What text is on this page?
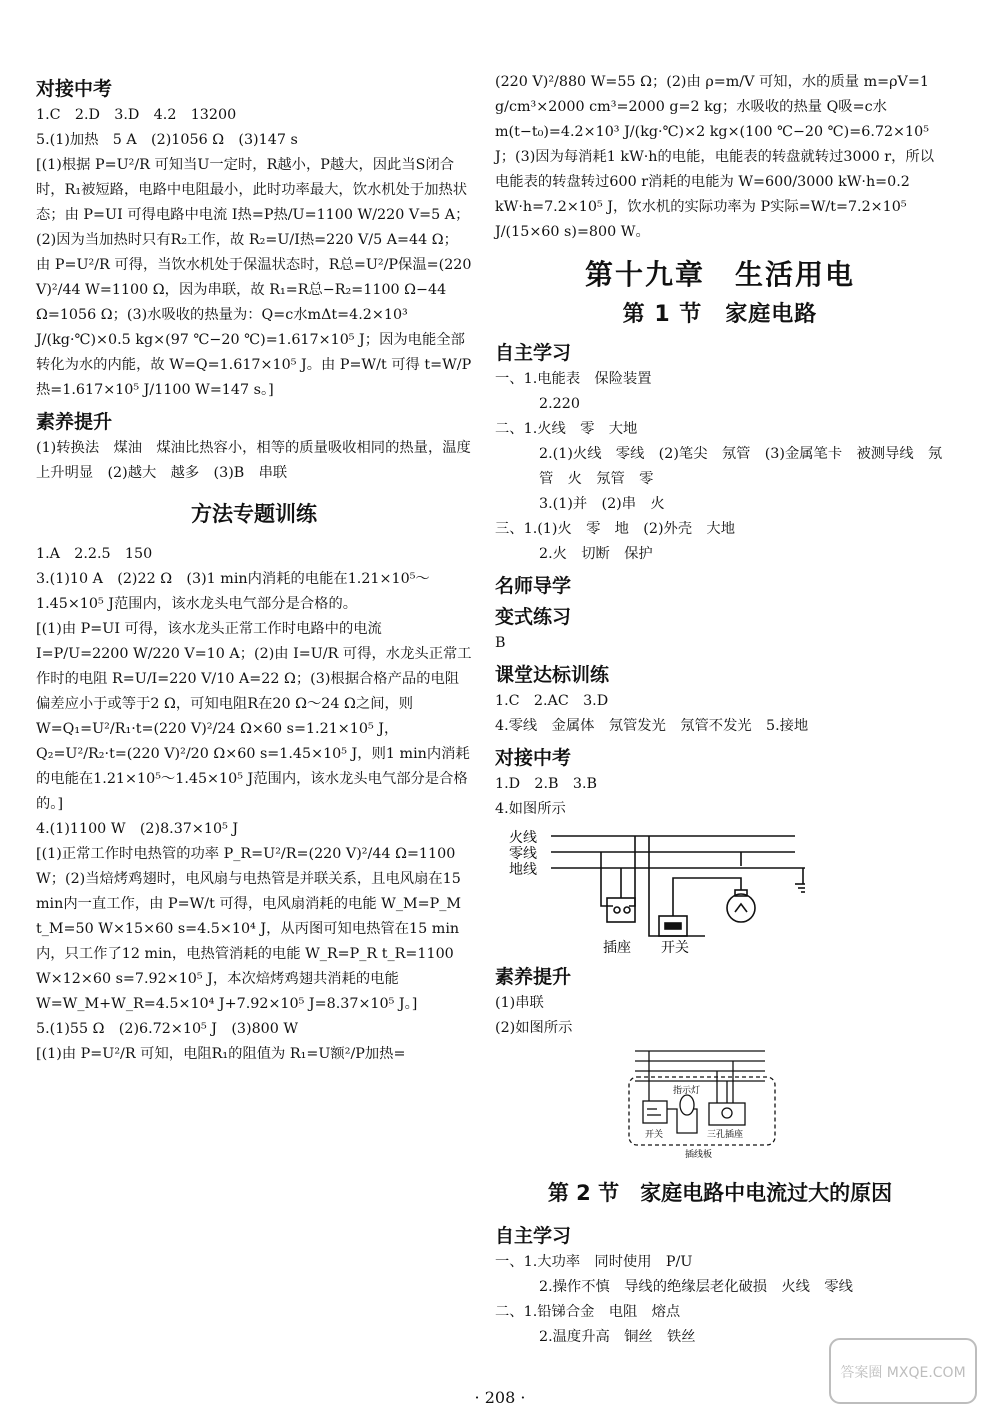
对接中考
1.C　2.D　3.D　4.2　13200
5.(1)加热　5 A　(2)1056 Ω　(3)147 s
[(1)根据 P=U²/R 可知当U一定时，R越小，P越大，因此当S闭合时，R₁被短路，电路中电阻最小，此时功率最大，饮水机处于加热状态；由 P=UI 可得电路中电流 I热=P热/U=1100 W/220 V=5 A；(2)因为当加热时只有R₂工作，故 R₂=U/I热=220 V/5 A=44 Ω；由 P=U²/R 可得，当饮水机处于保温状态时，R总=U²/P保温=(220 V)²/44 W=1100 Ω，因为串联，故 R₁=R总−R₂=1100 Ω−44 Ω=1056 Ω；(3)水吸收的热量为：Q=c水mΔt=4.2×10³ J/(kg·℃)×0.5 kg×(97 ℃−20 ℃)=1.617×10⁵ J；因为电能全部转化为水的内能，故 W=Q=1.617×10⁵ J。由 P=W/t 可得 t=W/P热=1.617×10⁵ J/1100 W=147 s。]
素养提升
(1)转换法　煤油　煤油比热容小，相等的质量吸收相同的热量，温度上升明显　(2)越大　越多　(3)B　串联
方法专题训练
1.A　2.2.5　150
3.(1)10 A　(2)22 Ω　(3)1 min内消耗的电能在1.21×10⁵～1.45×10⁵ J范围内，该水龙头电气部分是合格的。
[(1)由 P=UI 可得，该水龙头正常工作时电路中的电流 I=P/U=2200 W/220 V=10 A；(2)由 I=U/R 可得，水龙头正常工作时的电阻 R=U/I=220 V/10 A=22 Ω；(3)根据合格产品的电阻偏差应小于或等于2 Ω，可知电阻R在20 Ω～24 Ω之间，则 W=Q₁=U²/R₁·t=(220 V)²/24 Ω×60 s=1.21×10⁵ J，Q₂=U²/R₂·t=(220 V)²/20 Ω×60 s=1.45×10⁵ J，则1 min内消耗的电能在1.21×10⁵～1.45×10⁵ J范围内，该水龙头电气部分是合格的。]
4.(1)1100 W　(2)8.37×10⁵ J
[(1)正常工作时电热管的功率 P_R=U²/R=(220 V)²/44 Ω=1100 W；(2)当焙烤鸡翅时，电风扇与电热管是并联关系，且电风扇在15 min内一直工作，由 P=W/t 可得，电风扇消耗的电能 W_M=P_M t_M=50 W×15×60 s=4.5×10⁴ J，从丙图可知电热管在15 min内，只工作了12 min，电热管消耗的电能 W_R=P_R t_R=1100 W×12×60 s=7.92×10⁵ J，本次焙烤鸡翅共消耗的电能 W=W_M+W_R=4.5×10⁴ J+7.92×10⁵ J=8.37×10⁵ J。]
5.(1)55 Ω　(2)6.72×10⁵ J　(3)800 W
[(1)由 P=U²/R 可知，电阻R₁的阻值为 R₁=U额²/P加热=
(220 V)²/880 W=55 Ω；(2)由 ρ=m/V 可知，水的质量 m=ρV=1 g/cm³×2000 cm³=2000 g=2 kg；水吸收的热量 Q吸=c水m(t−t₀)=4.2×10³ J/(kg·℃)×2 kg×(100 ℃−20 ℃)=6.72×10⁵ J；(3)因为每消耗1 kW·h的电能，电能表的转盘就转过3000 r，所以电能表的转盘转过600 r消耗的电能为 W=600/3000 kW·h=0.2 kW·h=7.2×10⁵ J，饮水机的实际功率为 P实际=W/t=7.2×10⁵ J/(15×60 s)=800 W。
第十九章　生活用电
第 1 节　家庭电路
自主学习
一、1.电能表　保险装置
2.220
二、1.火线　零　大地
2.(1)火线　零线　(2)笔尖　氖管　(3)金属笔卡　被测导线　氖管　火　氖管　零
3.(1)并　(2)串　火
三、1.(1)火　零　地　(2)外壳　大地
2.火　切断　保护
名师导学
变式练习
B
课堂达标训练
1.C　2.AC　3.D
4.零线　金属体　氖管发光　氖管不发光　5.接地
对接中考
1.D　2.B　3.B
4.如图所示
火线
零线
地线
插座 开关
素养提升
(1)串联
(2)如图所示
指示灯
开关	三孔插座
插线板
第 2 节　家庭电路中电流过大的原因
自主学习
一、1.大功率　同时使用　P/U
2.操作不慎　导线的绝缘层老化破损　火线　零线
二、1.铅锑合金　电阻　熔点
2.温度升高　铜丝　铁丝
· 208 ·
答案圈 MXQE.COM
